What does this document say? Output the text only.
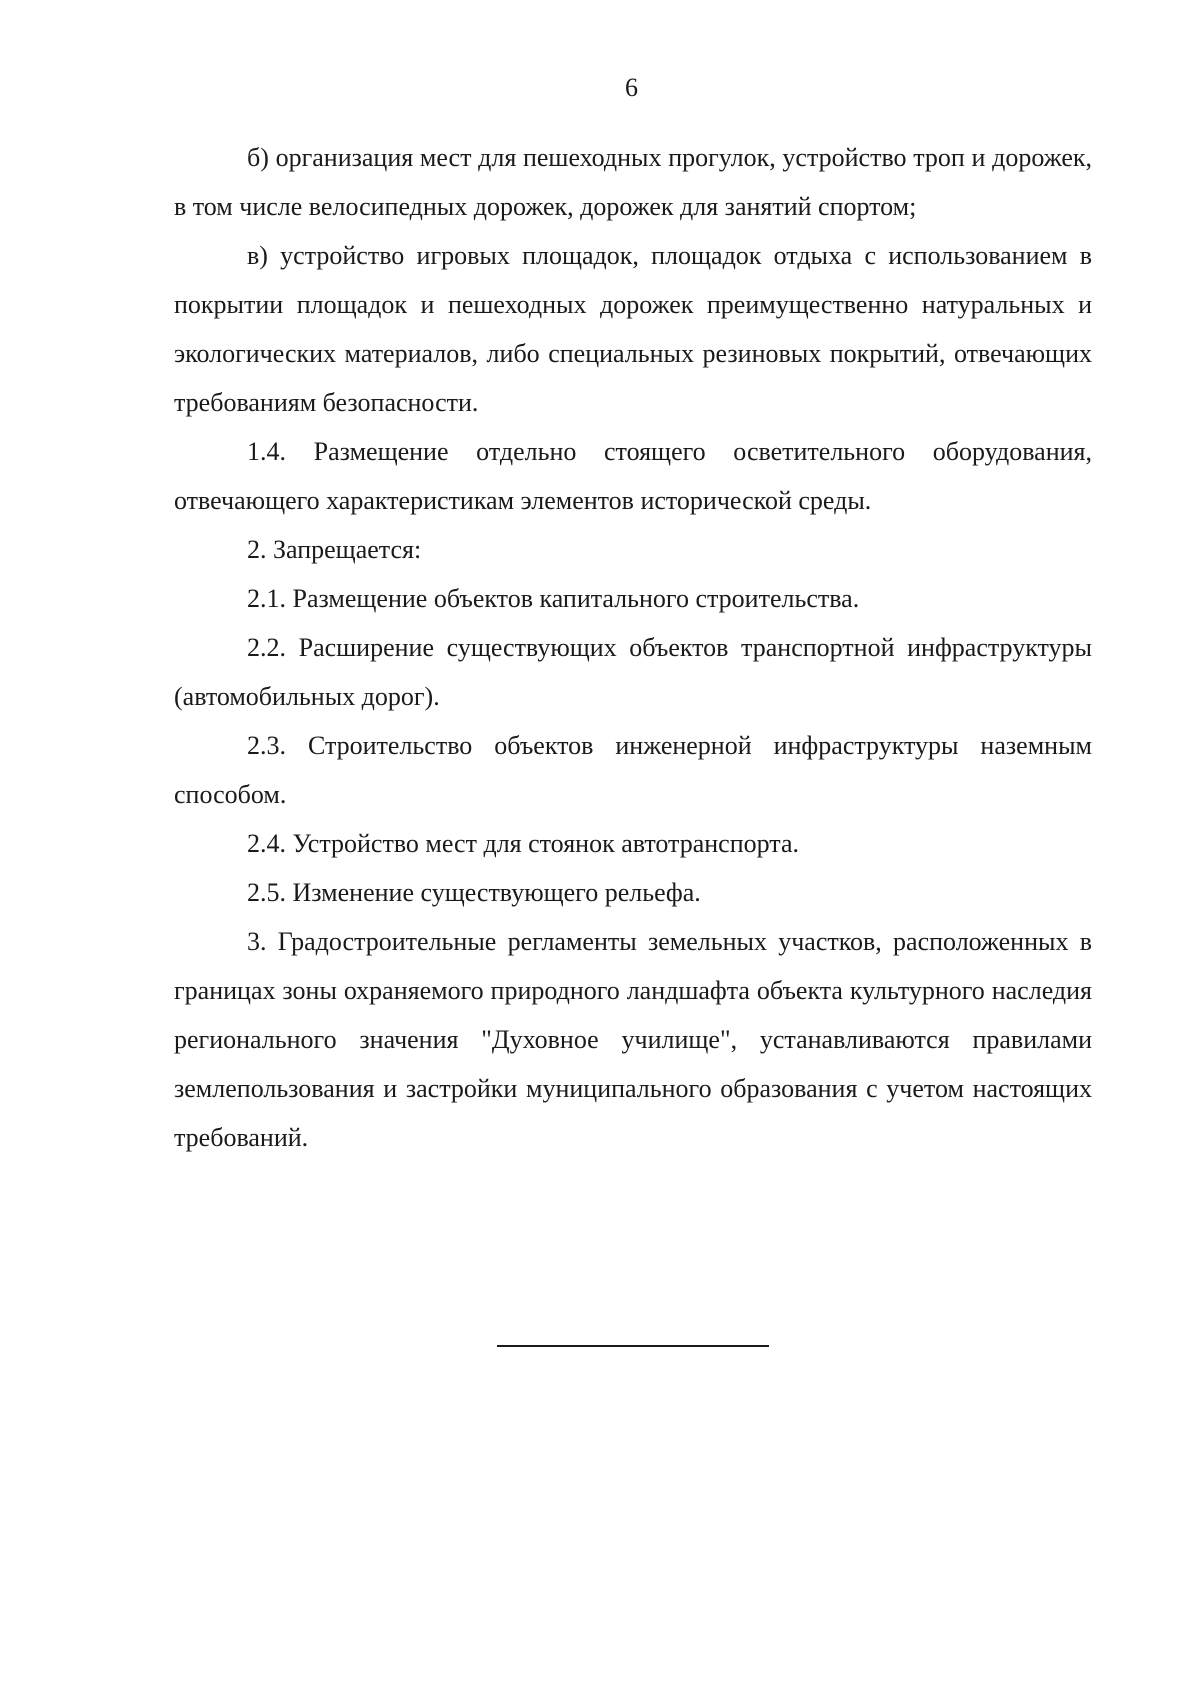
6

б) организация мест для пешеходных прогулок, устройство троп и дорожек, в том числе велосипедных дорожек, дорожек для занятий спортом;

в) устройство игровых площадок, площадок отдыха с использованием в покрытии площадок и пешеходных дорожек преимущественно натуральных и экологических материалов, либо специальных резиновых покрытий, отвечающих требованиям безопасности.

1.4. Размещение отдельно стоящего осветительного оборудования, отвечающего характеристикам элементов исторической среды.

2. Запрещается:

2.1. Размещение объектов капитального строительства.

2.2. Расширение существующих объектов транспортной инфраструктуры (автомобильных дорог).

2.3. Строительство объектов инженерной инфраструктуры наземным способом.

2.4. Устройство мест для стоянок автотранспорта.

2.5. Изменение существующего рельефа.

3. Градостроительные регламенты земельных участков, расположенных в границах зоны охраняемого природного ландшафта объекта культурного наследия регионального значения "Духовное училище", устанавливаются правилами землепользования и застройки муниципального образования с учетом настоящих требований.
